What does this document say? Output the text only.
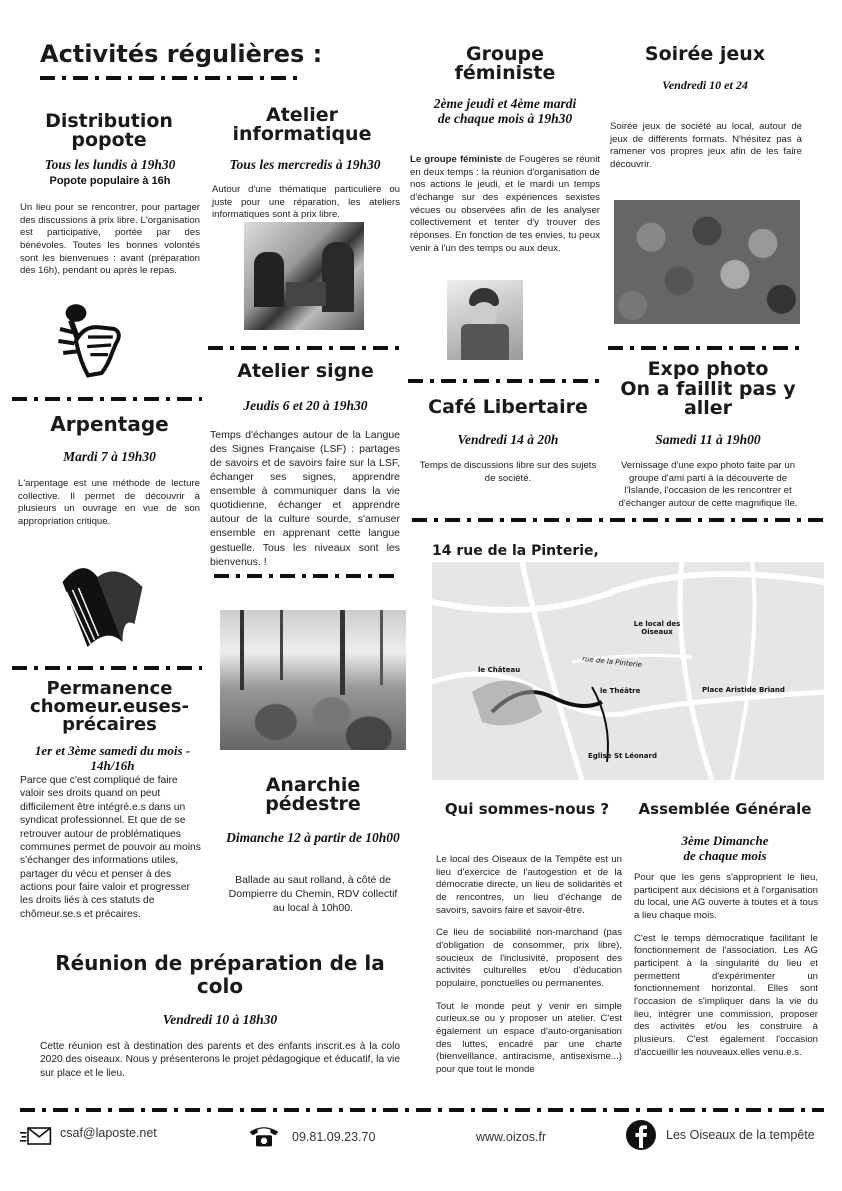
Activités régulières :
Distribution popote
Tous les lundis à 19h30
Popote populaire à 16h

Un lieu pour se rencontrer, pour partager des discussions à prix libre. L'organisation est participative, portée par des bénévoles. Toutes les bonnes volontés sont les bienvenues : avant (préparation dès 16h), pendant ou après le repas.

Atelier informatique
Tous les mercredis à 19h30

Autour d'une thématique particulière ou juste pour une réparation, les ateliers informatiques sont à prix libre.

Groupe féministe
2ème jeudi et 4ème mardi
de chaque mois à 19h30

Le groupe féministe de Fougères se réunit en deux temps : la réunion d'organisation de nos actions le jeudi, et le mardi un temps d'échange sur des expériences sexistes vécues ou observées afin de les analyser collectivement et tenter d'y trouver des réponses. En fonction de tes envies, tu peux venir à l'un des temps ou aux deux.

Soirée jeux
Vendredi 10 et 24

Soirée jeux de société au local, autour de jeux de différents formats. N'hésitez pas à ramener vos propres jeux afin de les faire découvrir.

Atelier signe
Jeudis 6 et 20 à 19h30

Temps d'échanges autour de la Langue des Signes Française (LSF) : partages de savoirs et de savoirs faire sur la LSF, échanger ses signes, apprendre ensemble à communiquer dans la vie quotidienne, échanger et apprendre autour de la culture sourde, s'amuser ensemble en apprenant cette langue gestuelle. Tous les niveaux sont les bienvenus. !

Café Libertaire
Vendredi 14 à 20h

Temps de discussions libre sur des sujets de société.

Expo photo
On a faillit pas y aller
Samedi 11 à 19h00

Vernissage d'une expo photo faite par un groupe d'ami parti à la découverte de l'Islande, l'occasion de les rencontrer et d'échanger autour de cette magnifique île.

Arpentage
Mardi 7 à 19h30

L'arpentage est une méthode de lecture collective. Il permet de découvrir à plusieurs un ouvrage en vue de son appropriation critique.

Permanence chomeur.euses-précaires
1er et 3ème samedi du mois - 14h/16h

Parce que c'est compliqué de faire valoir ses droits quand on peut difficilement être intégré.e.s dans un syndicat professionnel. Et que de se retrouver autour de problématiques communes permet de pouvoir au moins s'échanger des informations utiles, partager du vécu et penser à des actions pour faire valoir et progresser les droits liés à ces statuts de chômeur.se.s et précaires.

Anarchie pédestre
Dimanche 12 à partir de 10h00

Ballade au saut rolland, à côté de Dompierre du Chemin, RDV collectif au local à 10h00.

14 rue de la Pinterie,
Le local des Oiseaux
le Château
rue de la Pinterie
le Théâtre	Place Aristide Briand
Eglise St Léonard
Qui sommes-nous ?

Le local des Oiseaux de la Tempête est un lieu d'exercice de l'autogestion et de la démocratie directe, un lieu de solidarités et de rencontres, un lieu d'échange de savoirs, savoirs faire et savoir-être.

Ce lieu de sociabilité non-marchand (pas d'obligation de consommer, prix libre), soucieux de l'inclusivité, proposent des activités culturelles et/ou d'éducation populaire, ponctuelles ou permanentes.

Tout le monde peut y venir en simple curieux.se ou y proposer un atelier. C'est également un espace d'auto-organisation des luttes, encadré par une charte (bienveillance, antiracisme, antisexisme...) pour que tout le monde

Assemblée Générale
3ème Dimanche
de chaque mois

Pour que les gens s'approprient le lieu, participent aux décisions et à l'organisation du local, une AG ouverte à toutes et à tous a lieu chaque mois.

C'est le temps démocratique facilitant le fonctionnement de l'association. Les AG participent à la singularité du lieu et permettent d'expérimenter un fonctionnement horizontal. Elles sont l'occasion de s'impliquer dans la vie du lieu, intégrer une commission, proposer des activités et/ou les construire à plusieurs. C'est également l'occasion d'accueillir les nouveaux.elles venu.e.s.

Réunion de préparation de la colo
Vendredi 10 à 18h30

Cette réunion est à destination des parents et des enfants inscrit.es à la colo 2020 des oiseaux. Nous y présenterons le projet pédagogique et éducatif, la vie sur place et le lieu.

csaf@laposte.net	09.81.09.23.70	www.oizos.fr	Les Oiseaux de la tempête
